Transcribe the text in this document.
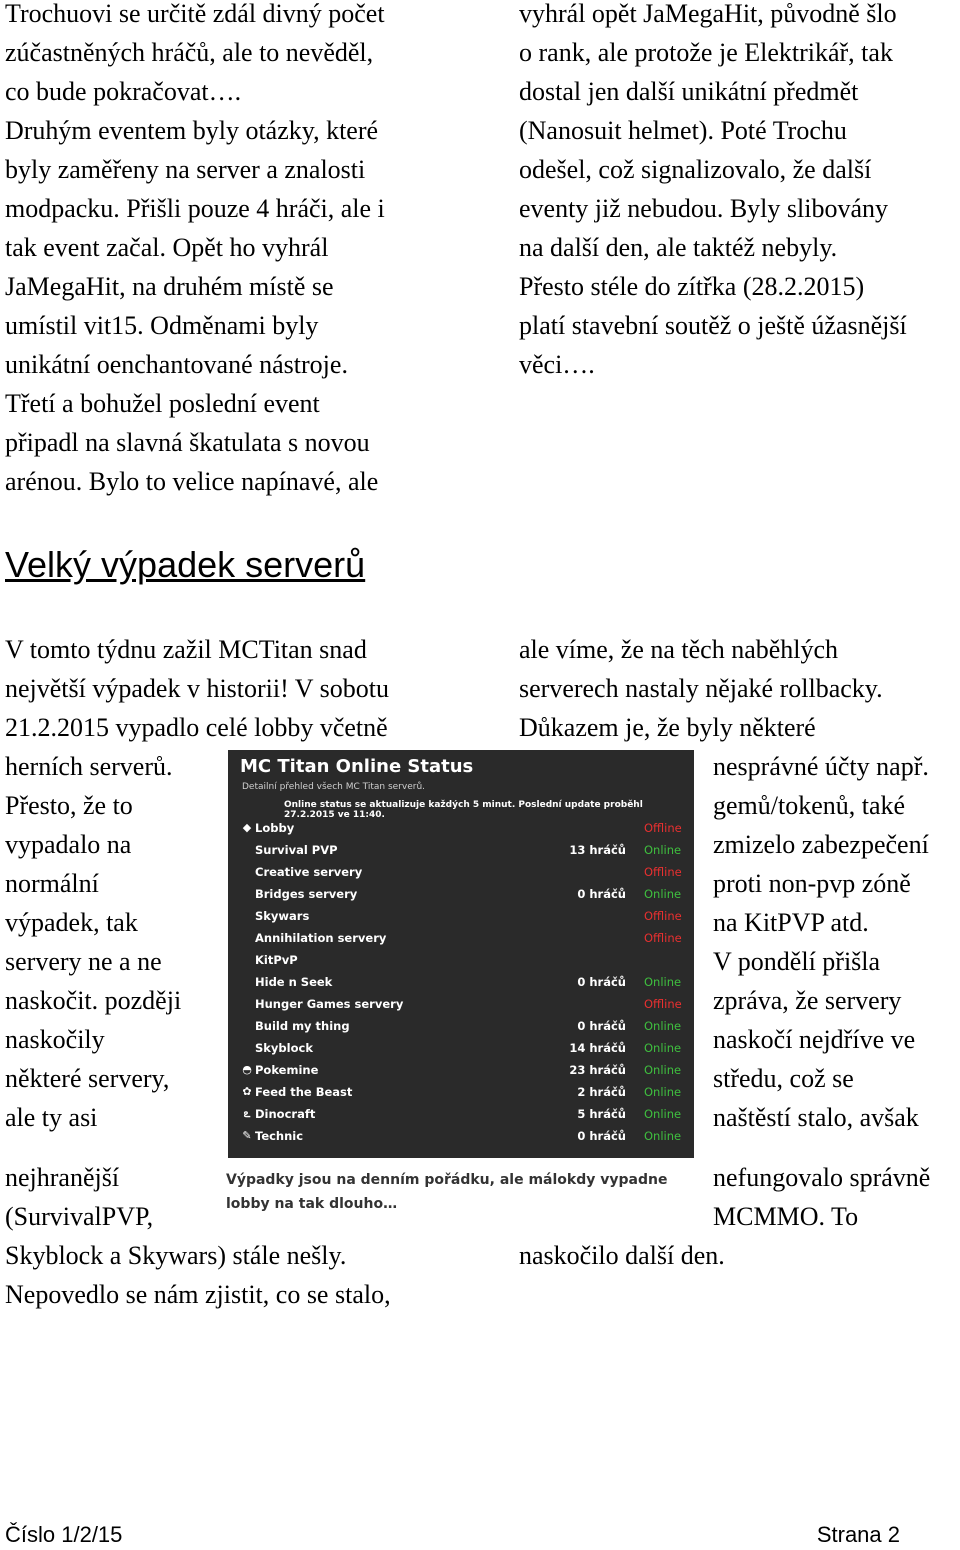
Trochuovi se určitě zdál divný počet
zúčastněných hráčů, ale to nevěděl,
co bude pokračovat….
Druhým eventem byly otázky, které
byly zaměřeny na server a znalosti
modpacku. Přišli pouze 4 hráči, ale i
tak event začal. Opět ho vyhrál
JaMegaHit, na druhém místě se
umístil vit15. Odměnami byly
unikátní oenchantované nástroje.
Třetí a bohužel poslední event
připadl na slavná škatulata s novou
arénou. Bylo to velice napínavé, ale
vyhrál opět JaMegaHit, původně šlo
o rank, ale protože je Elektrikář, tak
dostal jen další unikátní předmět
(Nanosuit helmet). Poté Trochu
odešel, což signalizovalo, že další
eventy již nebudou. Byly slibovány
na další den, ale taktéž nebyly.
Přesto stéle do zítřka (28.2.2015)
platí stavební soutěž o ještě úžasnější
věci….
Velký výpadek serverů
V tomto týdnu zažil MCTitan snad
největší výpadek v historii! V sobotu
21.2.2015 vypadlo celé lobby včetně
herních serverů.
Přesto, že to
vypadalo na
normální
výpadek, tak
servery ne a ne
naskočit. později
naskočily
některé servery,
ale ty asi
nejhranější
(SurvivalPVP,
Skyblock a Skywars) stále nešly.
Nepovedlo se nám zjistit, co se stalo,
ale víme, že na těch naběhlých
serverech nastaly nějaké rollbacky.
Důkazem je, že byly některé
nesprávné účty např.
gemů/tokenů, také
zmizelo zabezpečení
proti non-pvp zóně
na KitPVP atd.
V pondělí přišla
zpráva, že servery
naskočí nejdříve ve
středu, což se
naštěstí stalo, avšak
nefungovalo správně
MCMMO. To
naskočilo další den.
MC Titan Online Status
Detailní přehled všech MC Titan serverů.
Online status se aktualizuje každých 5 minut. Poslední update proběhl 27.2.2015 ve 11:40.
◆ Lobby	Offline
Survival PVP	13 hráčů Online
Creative servery	Offline
Bridges servery	0 hráčů Online
Skywars	Offline
Annihilation servery	Offline
KitPvP
Hide n Seek	0 hráčů Online
Hunger Games servery	Offline
Build my thing	0 hráčů Online
Skyblock	14 hráčů Online
◓ Pokemine	23 hráčů Online
✿ Feed the Beast	2 hráčů Online
ఽ Dinocraft	5 hráčů Online
✎ Technic	0 hráčů Online
Výpadky jsou na denním pořádku, ale málokdy vypadne lobby na tak dlouho…
Číslo 1/2/15	Strana 2
